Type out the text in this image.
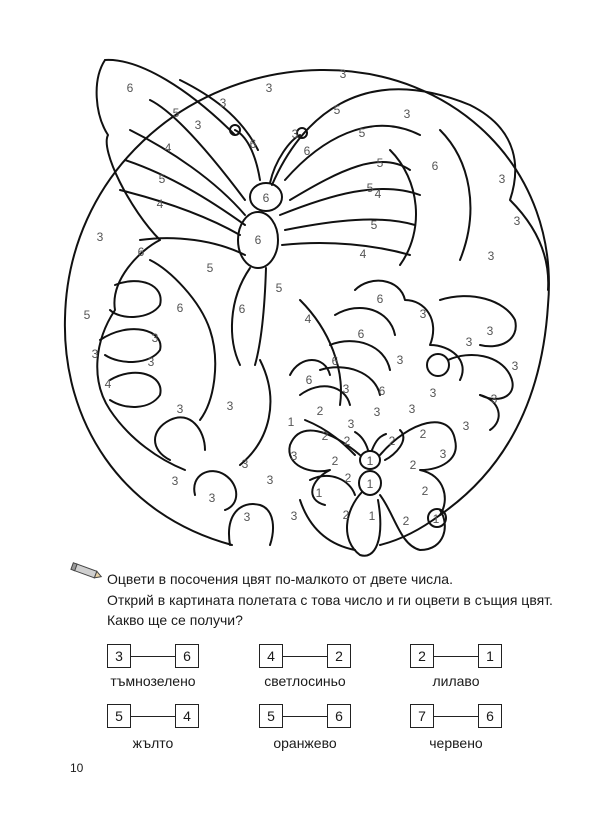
6
3
3
5
3	5	3
3
5
3
6	6
6
4
5
3
6
5
6
5 4
4
5
3
3
5
4	3
6
6
6
5
5	6	3
4
6
3	3
3	3	3
6
4
3
3
6
3	3
6
3
3
3
3
3
3	3
1
1
2 2
1
2
2	2
3
3
1
2
3
2
2 1 2 1
3
3
3
2
2
3
3
Оцвети в посочения цвят по-малкото от двете числа.
Открий в картината полетата с това число и ги оцвети в същия цвят.
Какво ще се получи?
3	6
тъмнозелено
4	2
светлосиньо
2	1
лилаво
5	4
жълто
5	6
оранжево
7	6
червено
10
